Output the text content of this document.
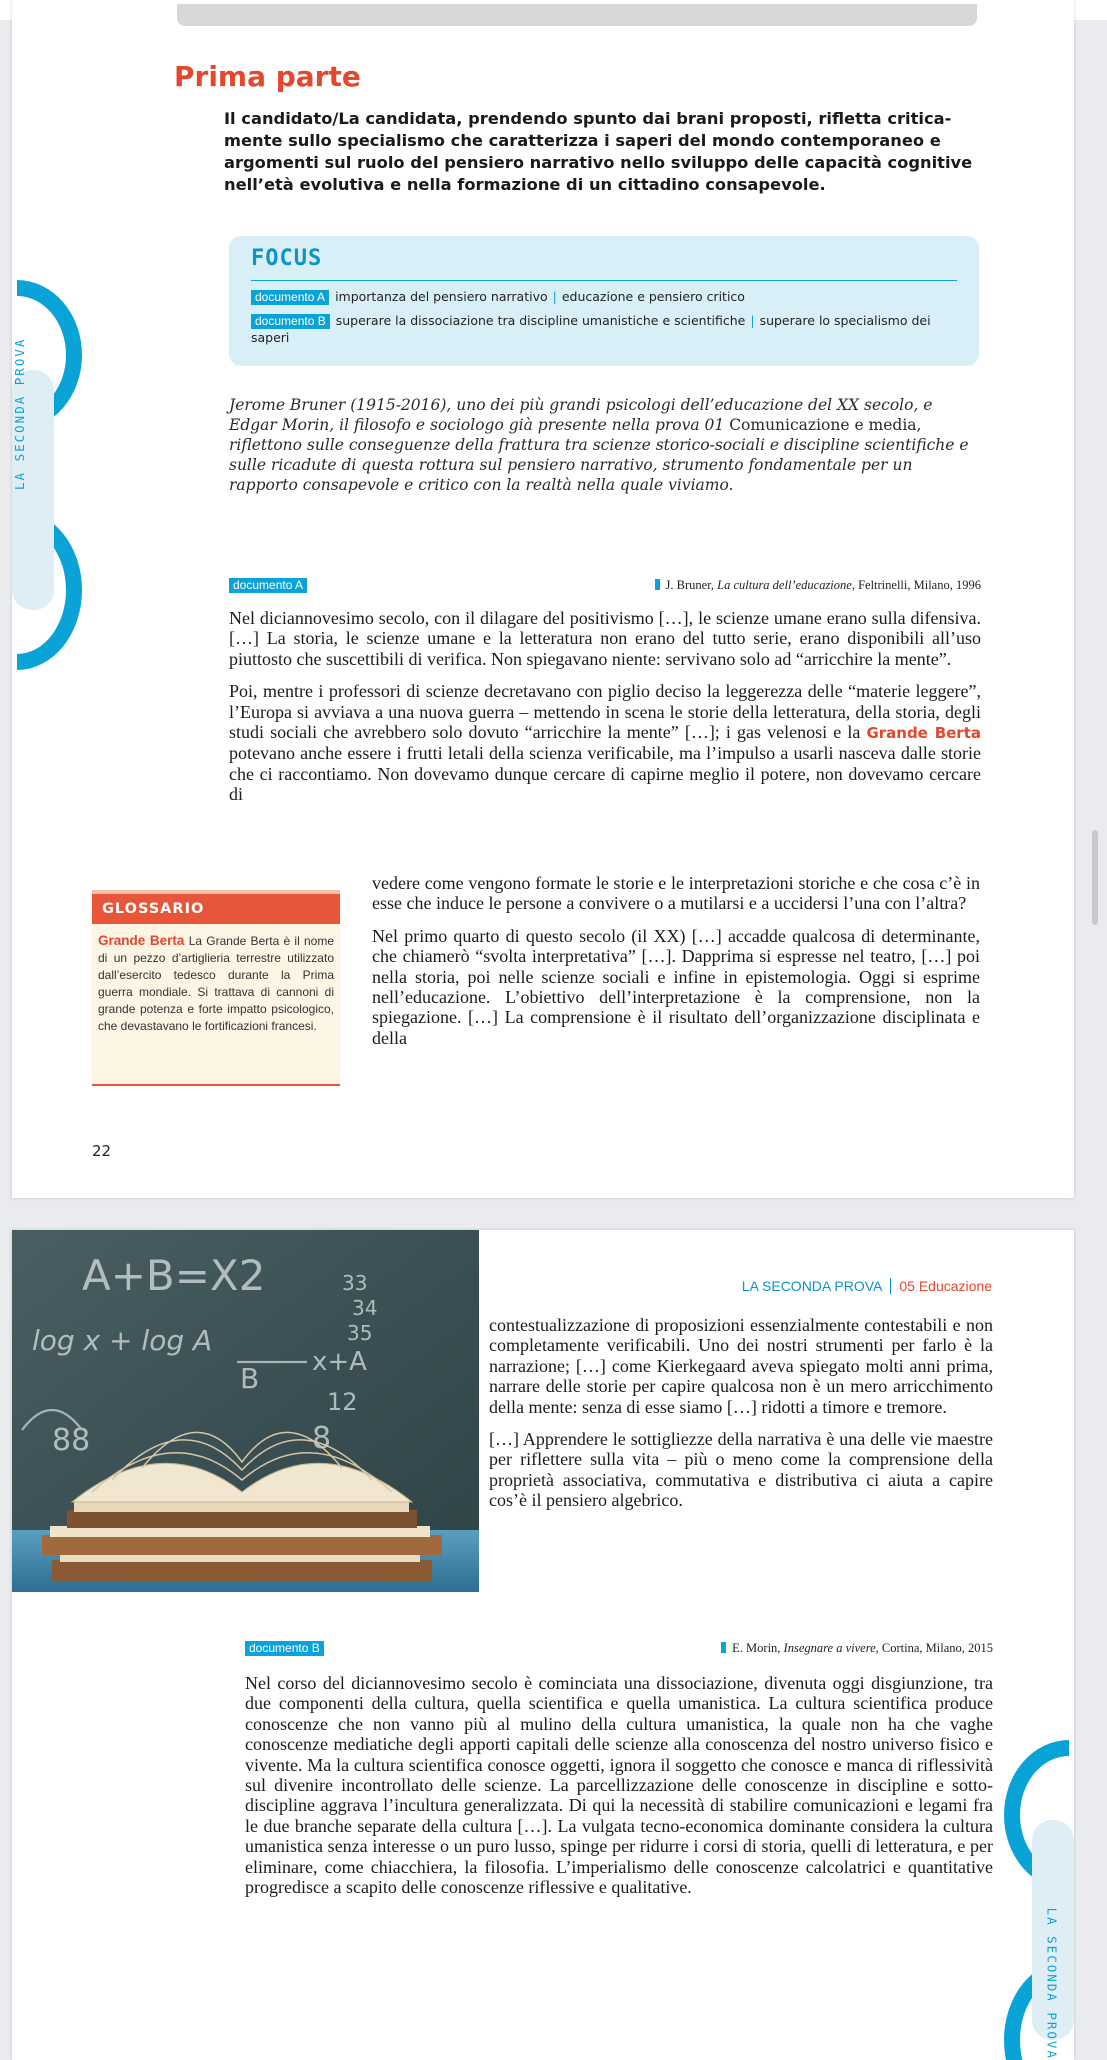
LA SECONDA PROVA
Prima parte

Il candidato/La candidata, prendendo spunto dai brani proposti, rifletta critica-mente sullo specialismo che caratterizza i saperi del mondo contemporaneo e argomenti sul ruolo del pensiero narrativo nello sviluppo delle capacità cognitive nell’età evolutiva e nella formazione di un cittadino consapevole.

FOCUS
documento A importanza del pensiero narrativo | educazione e pensiero critico
documento B superare la dissociazione tra discipline umanistiche e scientifiche | superare lo specialismo dei saperi

Jerome Bruner (1915-2016), uno dei più grandi psicologi dell’educazione del XX secolo, e Edgar Morin, il filosofo e sociologo già presente nella prova 01 Comunicazione e media, riflettono sulle conseguenze della frattura tra scienze storico-sociali e discipline scientifiche e sulle ricadute di questa rottura sul pensiero narrativo, strumento fondamentale per un rapporto consapevole e critico con la realtà nella quale viviamo.

documento A	J. Bruner, La cultura dell’educazione, Feltrinelli, Milano, 1996

Nel diciannovesimo secolo, con il dilagare del positivismo […], le scienze umane erano sulla difensiva. […] La storia, le scienze umane e la letteratura non erano del tutto serie, erano disponibili all’uso piuttosto che suscettibili di verifica. Non spiegavano niente: servivano solo ad “arricchire la mente”.

Poi, mentre i professori di scienze decretavano con piglio deciso la leggerezza delle “materie leggere”, l’Europa si avviava a una nuova guerra – mettendo in scena le storie della letteratura, della storia, degli studi sociali che avrebbero solo dovuto “arricchire la mente” […]; i gas velenosi e la Grande Berta potevano anche essere i frutti letali della scienza verificabile, ma l’impulso a usarli nasceva dalle storie che ci raccontiamo. Non dovevamo dunque cercare di capirne meglio il potere, non dovevamo cercare di

vedere come vengono formate le storie e le interpretazioni storiche e che cosa c’è in esse che induce le persone a convivere o a mutilarsi e a uccidersi l’una con l’altra?

Nel primo quarto di questo secolo (il XX) […] accadde qualcosa di determinante, che chiamerò “svolta interpretativa” […]. Dapprima si espresse nel teatro, […] poi nella storia, poi nelle scienze sociali e infine in epistemologia. Oggi si esprime nell’educazione. L’obiettivo dell’interpretazione è la comprensione, non la spiegazione. […] La comprensione è il risultato dell’organizzazione disciplinata e della

GLOSSARIO
Grande Berta La Grande Berta è il nome di un pezzo d’artiglieria terrestre utilizzato dall’esercito tedesco durante la Prima guerra mondiale. Si trattava di cannoni di grande potenza e forte impatto psicologico, che devastavano le fortificazioni francesi.
22
A+B=X2
log x + log A
B x+A
12
33
34
35
88	8
LA SECONDA PROVA 05 Educazione
LA SECONDA PROVA

contestualizzazione di proposizioni essenzialmente contestabili e non completamente verificabili. Uno dei nostri strumenti per farlo è la narrazione; […] come Kierkegaard aveva spiegato molti anni prima, narrare delle storie per capire qualcosa non è un mero arricchimento della mente: senza di esse siamo […] ridotti a timore e tremore.

[…] Apprendere le sottigliezze della narrativa è una delle vie maestre per riflettere sulla vita – più o meno come la comprensione della proprietà associativa, commutativa e distributiva ci aiuta a capire cos’è il pensiero algebrico.

documento B	E. Morin, Insegnare a vivere, Cortina, Milano, 2015

Nel corso del diciannovesimo secolo è cominciata una dissociazione, divenuta oggi disgiunzione, tra due componenti della cultura, quella scientifica e quella umanistica. La cultura scientifica produce conoscenze che non vanno più al mulino della cultura umanistica, la quale non ha che vaghe conoscenze mediatiche degli apporti capitali delle scienze alla conoscenza del nostro universo fisico e vivente. Ma la cultura scientifica conosce oggetti, ignora il soggetto che conosce e manca di riflessività sul divenire incontrollato delle scienze. La parcellizzazione delle conoscenze in discipline e sotto-discipline aggrava l’incultura generalizzata. Di qui la necessità di stabilire comunicazioni e legami fra le due branche separate della cultura […]. La vulgata tecno-economica dominante considera la cultura umanistica senza interesse o un puro lusso, spinge per ridurre i corsi di storia, quelli di letteratura, e per eliminare, come chiacchiera, la filosofia. L’imperialismo delle conoscenze calcolatrici e quantitative progredisce a scapito delle conoscenze riflessive e qualitative.
